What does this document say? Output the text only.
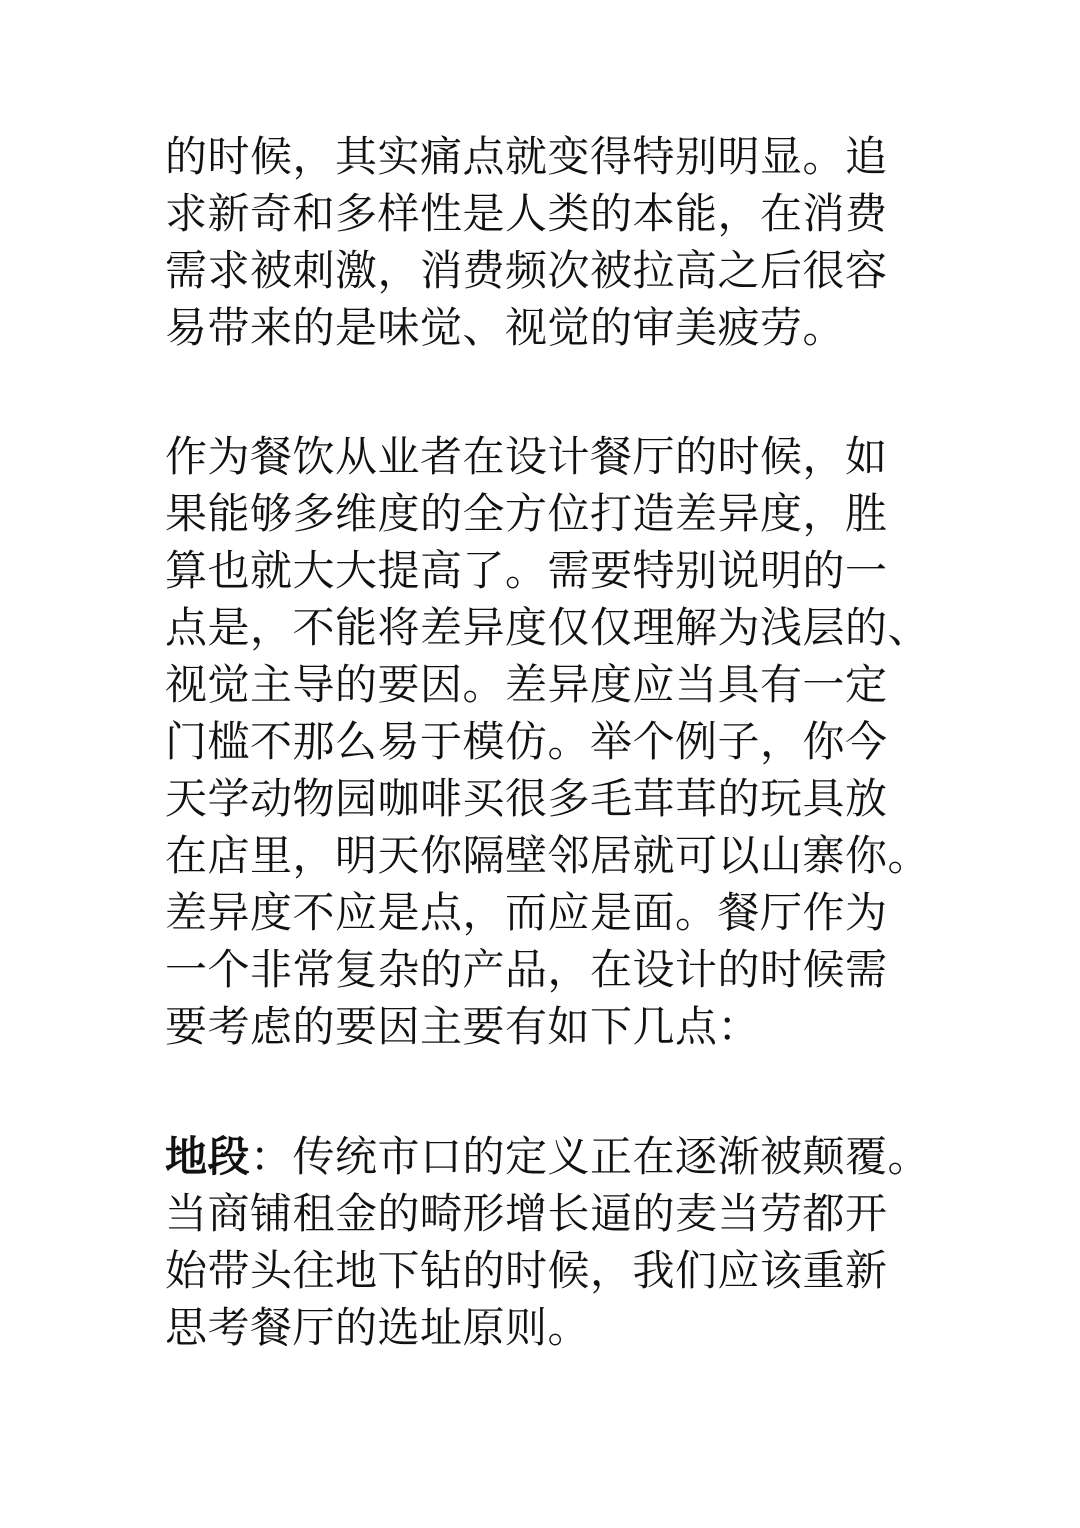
的时候，其实痛点就变得特别明显。追
求新奇和多样性是人类的本能，在消费
需求被刺激，消费频次被拉高之后很容
易带来的是味觉、视觉的审美疲劳。
作为餐饮从业者在设计餐厅的时候，如
果能够多维度的全方位打造差异度，胜
算也就大大提高了。需要特别说明的一
点是，不能将差异度仅仅理解为浅层的、
视觉主导的要因。差异度应当具有一定
门槛不那么易于模仿。举个例子，你今
天学动物园咖啡买很多毛茸茸的玩具放
在店里，明天你隔壁邻居就可以山寨你。
差异度不应是点，而应是面。餐厅作为
一个非常复杂的产品，在设计的时候需
要考虑的要因主要有如下几点：
地段：传统市口的定义正在逐渐被颠覆。
当商铺租金的畸形增长逼的麦当劳都开
始带头往地下钻的时候，我们应该重新
思考餐厅的选址原则。
